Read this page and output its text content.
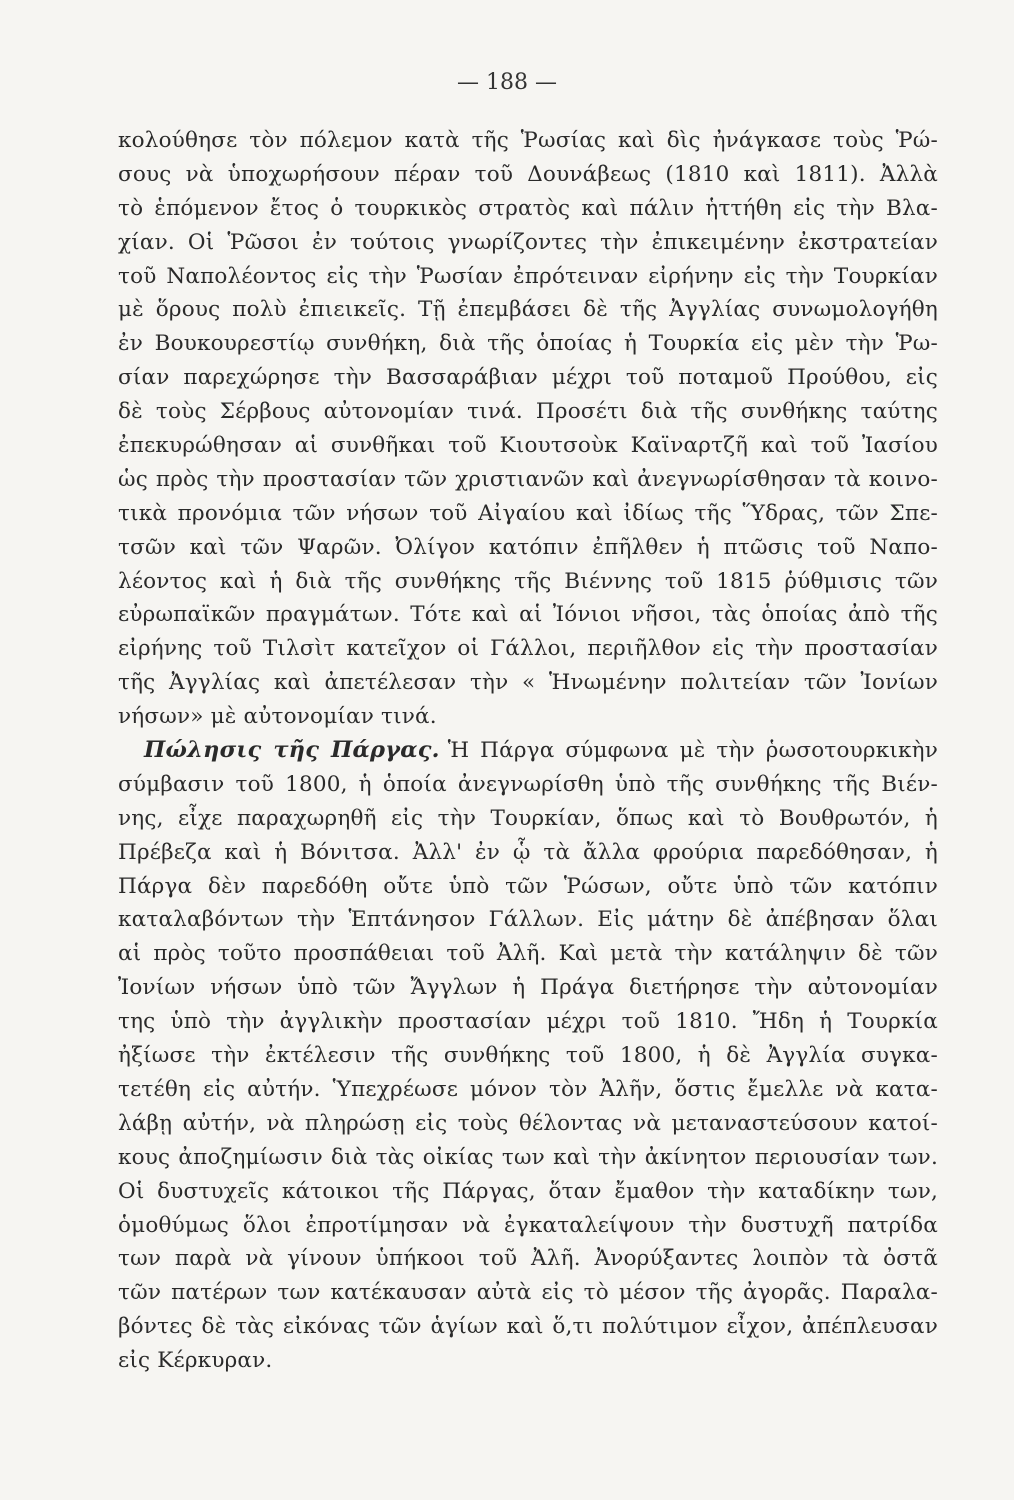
— 188 —
κολούθησε τὸν πόλεμον κατὰ τῆς Ῥωσίας καὶ δὶς ἠνάγκασε τοὺς Ῥώ-
σους νὰ ὑποχωρήσουν πέραν τοῦ Δουνάβεως (1810 καὶ 1811). Ἀλλὰ
τὸ ἑπόμενον ἔτος ὁ τουρκικὸς στρατὸς καὶ πάλιν ἡττήθη εἰς τὴν Βλα-
χίαν. Οἱ Ῥῶσοι ἐν τούτοις γνωρίζοντες τὴν ἐπικειμένην ἐκστρατείαν
τοῦ Ναπολέοντος εἰς τὴν Ῥωσίαν ἐπρότειναν εἰρήνην εἰς τὴν Τουρκίαν
μὲ ὅρους πολὺ ἐπιεικεῖς. Τῇ ἐπεμβάσει δὲ τῆς Ἀγγλίας συνωμολογήθη
ἐν Βουκουρεστίῳ συνθήκη, διὰ τῆς ὁποίας ἡ Τουρκία εἰς μὲν τὴν Ῥω-
σίαν παρεχώρησε τὴν Βασσαράβιαν μέχρι τοῦ ποταμοῦ Προύθου, εἰς
δὲ τοὺς Σέρβους αὐτονομίαν τινά. Προσέτι διὰ τῆς συνθήκης ταύτης
ἐπεκυρώθησαν αἱ συνθῆκαι τοῦ Κιουτσοὺκ Καϊναρτζῆ καὶ τοῦ Ἰασίου
ὡς πρὸς τὴν προστασίαν τῶν χριστιανῶν καὶ ἀνεγνωρίσθησαν τὰ κοινο-
τικὰ προνόμια τῶν νήσων τοῦ Αἰγαίου καὶ ἰδίως τῆς Ὕδρας, τῶν Σπε-
τσῶν καὶ τῶν Ψαρῶν. Ὀλίγον κατόπιν ἐπῆλθεν ἡ πτῶσις τοῦ Ναπο-
λέοντος καὶ ἡ διὰ τῆς συνθήκης τῆς Βιέννης τοῦ 1815 ῥύθμισις τῶν
εὐρωπαϊκῶν πραγμάτων. Τότε καὶ αἱ Ἰόνιοι νῆσοι, τὰς ὁποίας ἀπὸ τῆς
εἰρήνης τοῦ Τιλσὶτ κατεῖχον οἱ Γάλλοι, περιῆλθον εἰς τὴν προστασίαν
τῆς Ἀγγλίας καὶ ἀπετέλεσαν τὴν « Ἡνωμένην πολιτείαν τῶν Ἰονίων
νήσων» μὲ αὐτονομίαν τινά.
Πώλησις τῆς Πάργας. Ἡ Πάργα σύμφωνα μὲ τὴν ῥωσοτουρκικὴν
σύμβασιν τοῦ 1800, ἡ ὁποία ἀνεγνωρίσθη ὑπὸ τῆς συνθήκης τῆς Βιέν-
νης, εἶχε παραχωρηθῆ εἰς τὴν Τουρκίαν, ὅπως καὶ τὸ Βουθρωτόν, ἡ
Πρέβεζα καὶ ἡ Βόνιτσα. Ἀλλ' ἐν ᾧ τὰ ἄλλα φρούρια παρεδόθησαν, ἡ
Πάργα δὲν παρεδόθη οὔτε ὑπὸ τῶν Ῥώσων, οὔτε ὑπὸ τῶν κατόπιν
καταλαβόντων τὴν Ἑπτάνησον Γάλλων. Εἰς μάτην δὲ ἀπέβησαν ὅλαι
αἱ πρὸς τοῦτο προσπάθειαι τοῦ Ἀλῆ. Καὶ μετὰ τὴν κατάληψιν δὲ τῶν
Ἰονίων νήσων ὑπὸ τῶν Ἄγγλων ἡ Πράγα διετήρησε τὴν αὐτονομίαν
της ὑπὸ τὴν ἀγγλικὴν προστασίαν μέχρι τοῦ 1810. Ἤδη ἡ Τουρκία
ἠξίωσε τὴν ἐκτέλεσιν τῆς συνθήκης τοῦ 1800, ἡ δὲ Ἀγγλία συγκα-
τετέθη εἰς αὐτήν. Ὑπεχρέωσε μόνον τὸν Ἀλῆν, ὅστις ἔμελλε νὰ κατα-
λάβῃ αὐτήν, νὰ πληρώσῃ εἰς τοὺς θέλοντας νὰ μεταναστεύσουν κατοί-
κους ἀποζημίωσιν διὰ τὰς οἰκίας των καὶ τὴν ἀκίνητον περιουσίαν των.
Οἱ δυστυχεῖς κάτοικοι τῆς Πάργας, ὅταν ἔμαθον τὴν καταδίκην των,
ὁμοθύμως ὅλοι ἐπροτίμησαν νὰ ἐγκαταλείψουν τὴν δυστυχῆ πατρίδα
των παρὰ νὰ γίνουν ὑπήκοοι τοῦ Ἀλῆ. Ἀνορύξαντες λοιπὸν τὰ ὀστᾶ
τῶν πατέρων των κατέκαυσαν αὐτὰ εἰς τὸ μέσον τῆς ἀγορᾶς. Παραλα-
βόντες δὲ τὰς εἰκόνας τῶν ἁγίων καὶ ὅ,τι πολύτιμον εἶχον, ἀπέπλευσαν
εἰς Κέρκυραν.
